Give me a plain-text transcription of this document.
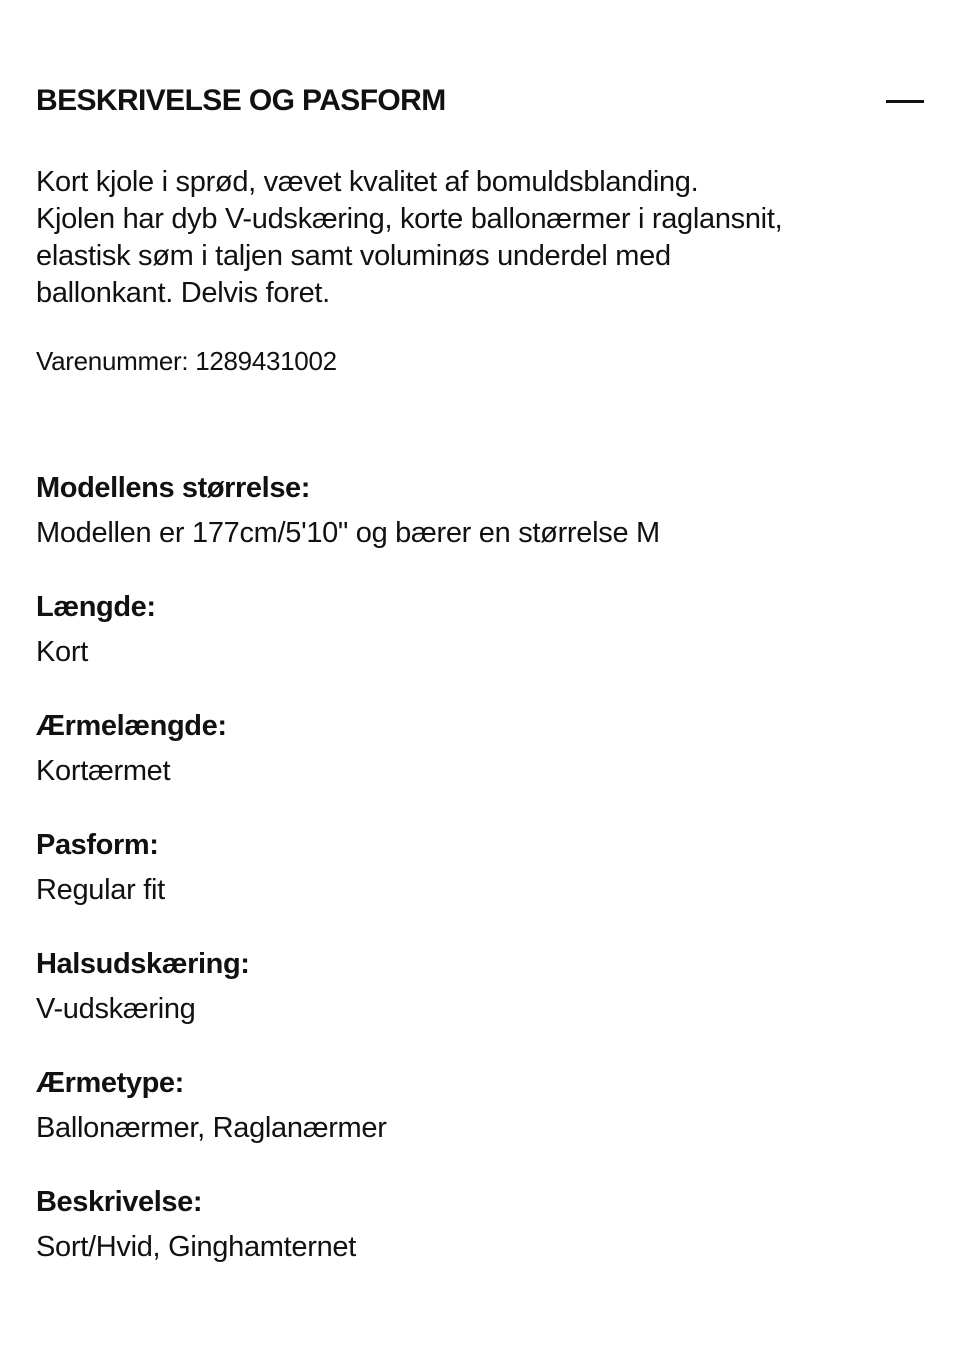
BESKRIVELSE OG PASFORM
Kort kjole i sprød, vævet kvalitet af bomuldsblanding.
Kjolen har dyb V-udskæring, korte ballonærmer i raglansnit,
elastisk søm i taljen samt voluminøs underdel med
ballonkant. Delvis foret.
Varenummer: 1289431002
Modellens størrelse:
Modellen er 177cm/5'10" og bærer en størrelse M
Længde:
Kort
Ærmelængde:
Kortærmet
Pasform:
Regular fit
Halsudskæring:
V-udskæring
Ærmetype:
Ballonærmer, Raglanærmer
Beskrivelse:
Sort/Hvid, Ginghamternet
